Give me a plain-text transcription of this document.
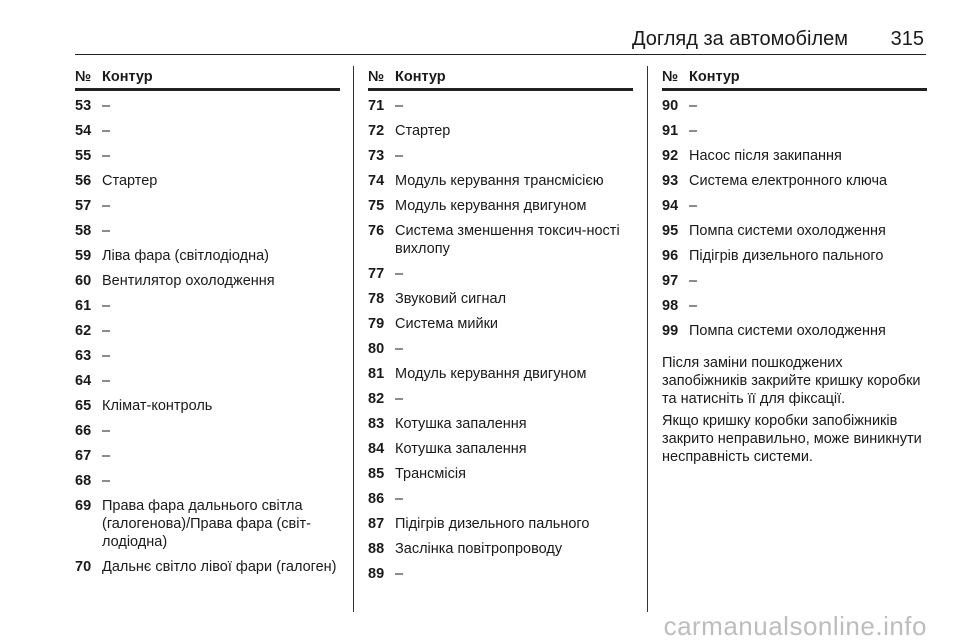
Догляд за автомобілем 315
№ Контур
53 –
54 –
55 –
56 Стартер
57 –
58 –
59 Ліва фара (світлодіодна)
60 Вентилятор охолодження
61 –
62 –
63 –
64 –
65 Клімат-контроль
66 –
67 –
68 –
69 Права фара дальнього світла (галогенова)/Права фара (світ-лодіодна)
70 Дальнє світло лівої фари (галоген)
№ Контур
71 –
72 Стартер
73 –
74 Модуль керування трансмісією
75 Модуль керування двигуном
76 Система зменшення токсич-ності вихлопу
77 –
78 Звуковий сигнал
79 Система мийки
80 –
81 Модуль керування двигуном
82 –
83 Котушка запалення
84 Котушка запалення
85 Трансмісія
86 –
87 Підігрів дизельного пального
88 Заслінка повітропроводу
89 –
№ Контур
90 –
91 –
92 Насос після закипання
93 Система електронного ключа
94 –
95 Помпа системи охолодження
96 Підігрів дизельного пального
97 –
98 –
99 Помпа системи охолодження

Після заміни пошкоджених запобіжників закрийте кришку коробки та натисніть її для фіксації.

Якщо кришку коробки запобіжників закрито неправильно, може виникнути несправність системи.

carmanualsonline.info
